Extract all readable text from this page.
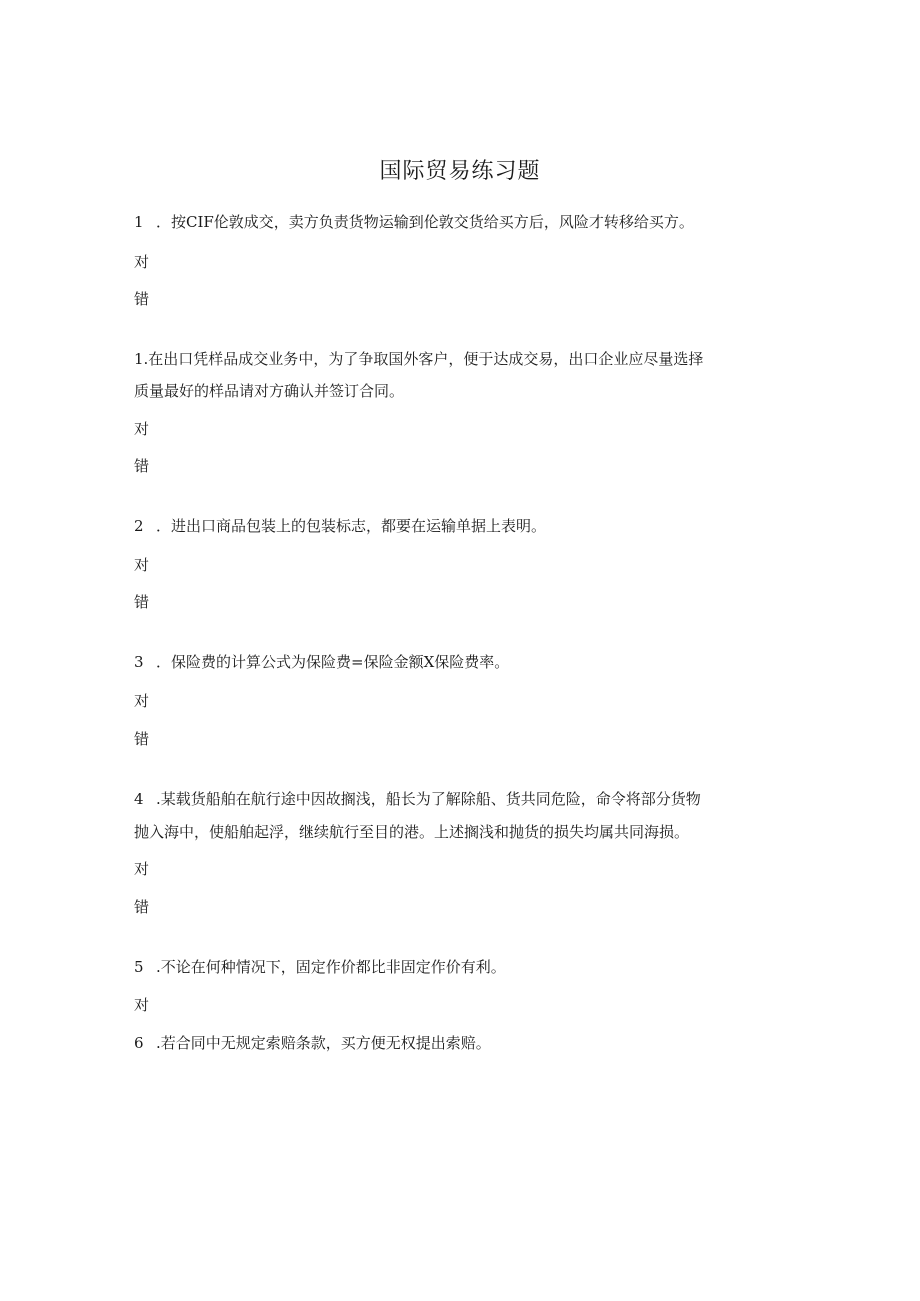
国际贸易练习题
1 ．按CIF伦敦成交，卖方负责货物运输到伦敦交货给买方后，风险才转移给买方。
对
错
1.在出口凭样品成交业务中，为了争取国外客户，便于达成交易，出口企业应尽量选择
质量最好的样品请对方确认并签订合同。
对
错
2 ．进出口商品包装上的包装标志，都要在运输单据上表明。
对
错
3 ．保险费的计算公式为保险费=保险金额X保险费率。
对
错
4 .某载货船舶在航行途中因故搁浅，船长为了解除船、货共同危险，命令将部分货物
抛入海中，使船舶起浮，继续航行至目的港。上述搁浅和抛货的损失均属共同海损。
对
错
5 .不论在何种情况下，固定作价都比非固定作价有利。
对
6 .若合同中无规定索赔条款，买方便无权提出索赔。
